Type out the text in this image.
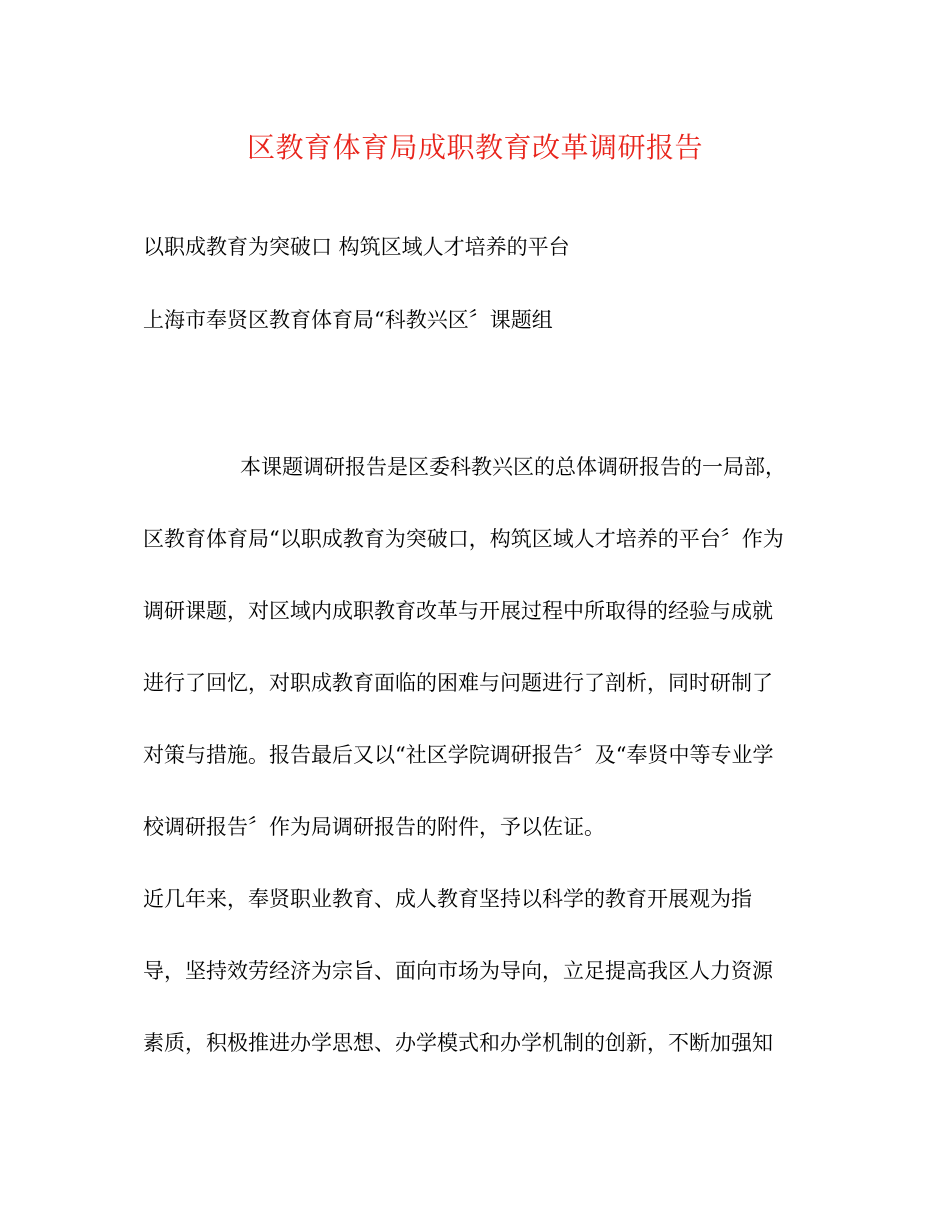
区教育体育局成职教育改革调研报告
以职成教育为突破口 构筑区域人才培养的平台
上海市奉贤区教育体育局“科教兴区〞课题组
本课题调研报告是区委科教兴区的总体调研报告的一局部，
区教育体育局“以职成教育为突破口，构筑区域人才培养的平台〞作为
调研课题，对区域内成职教育改革与开展过程中所取得的经验与成就
进行了回忆，对职成教育面临的困难与问题进行了剖析，同时研制了
对策与措施。报告最后又以“社区学院调研报告〞及“奉贤中等专业学
校调研报告〞作为局调研报告的附件，予以佐证。
近几年来，奉贤职业教育、成人教育坚持以科学的教育开展观为指
导，坚持效劳经济为宗旨、面向市场为导向，立足提高我区人力资源
素质，积极推进办学思想、办学模式和办学机制的创新，不断加强知
